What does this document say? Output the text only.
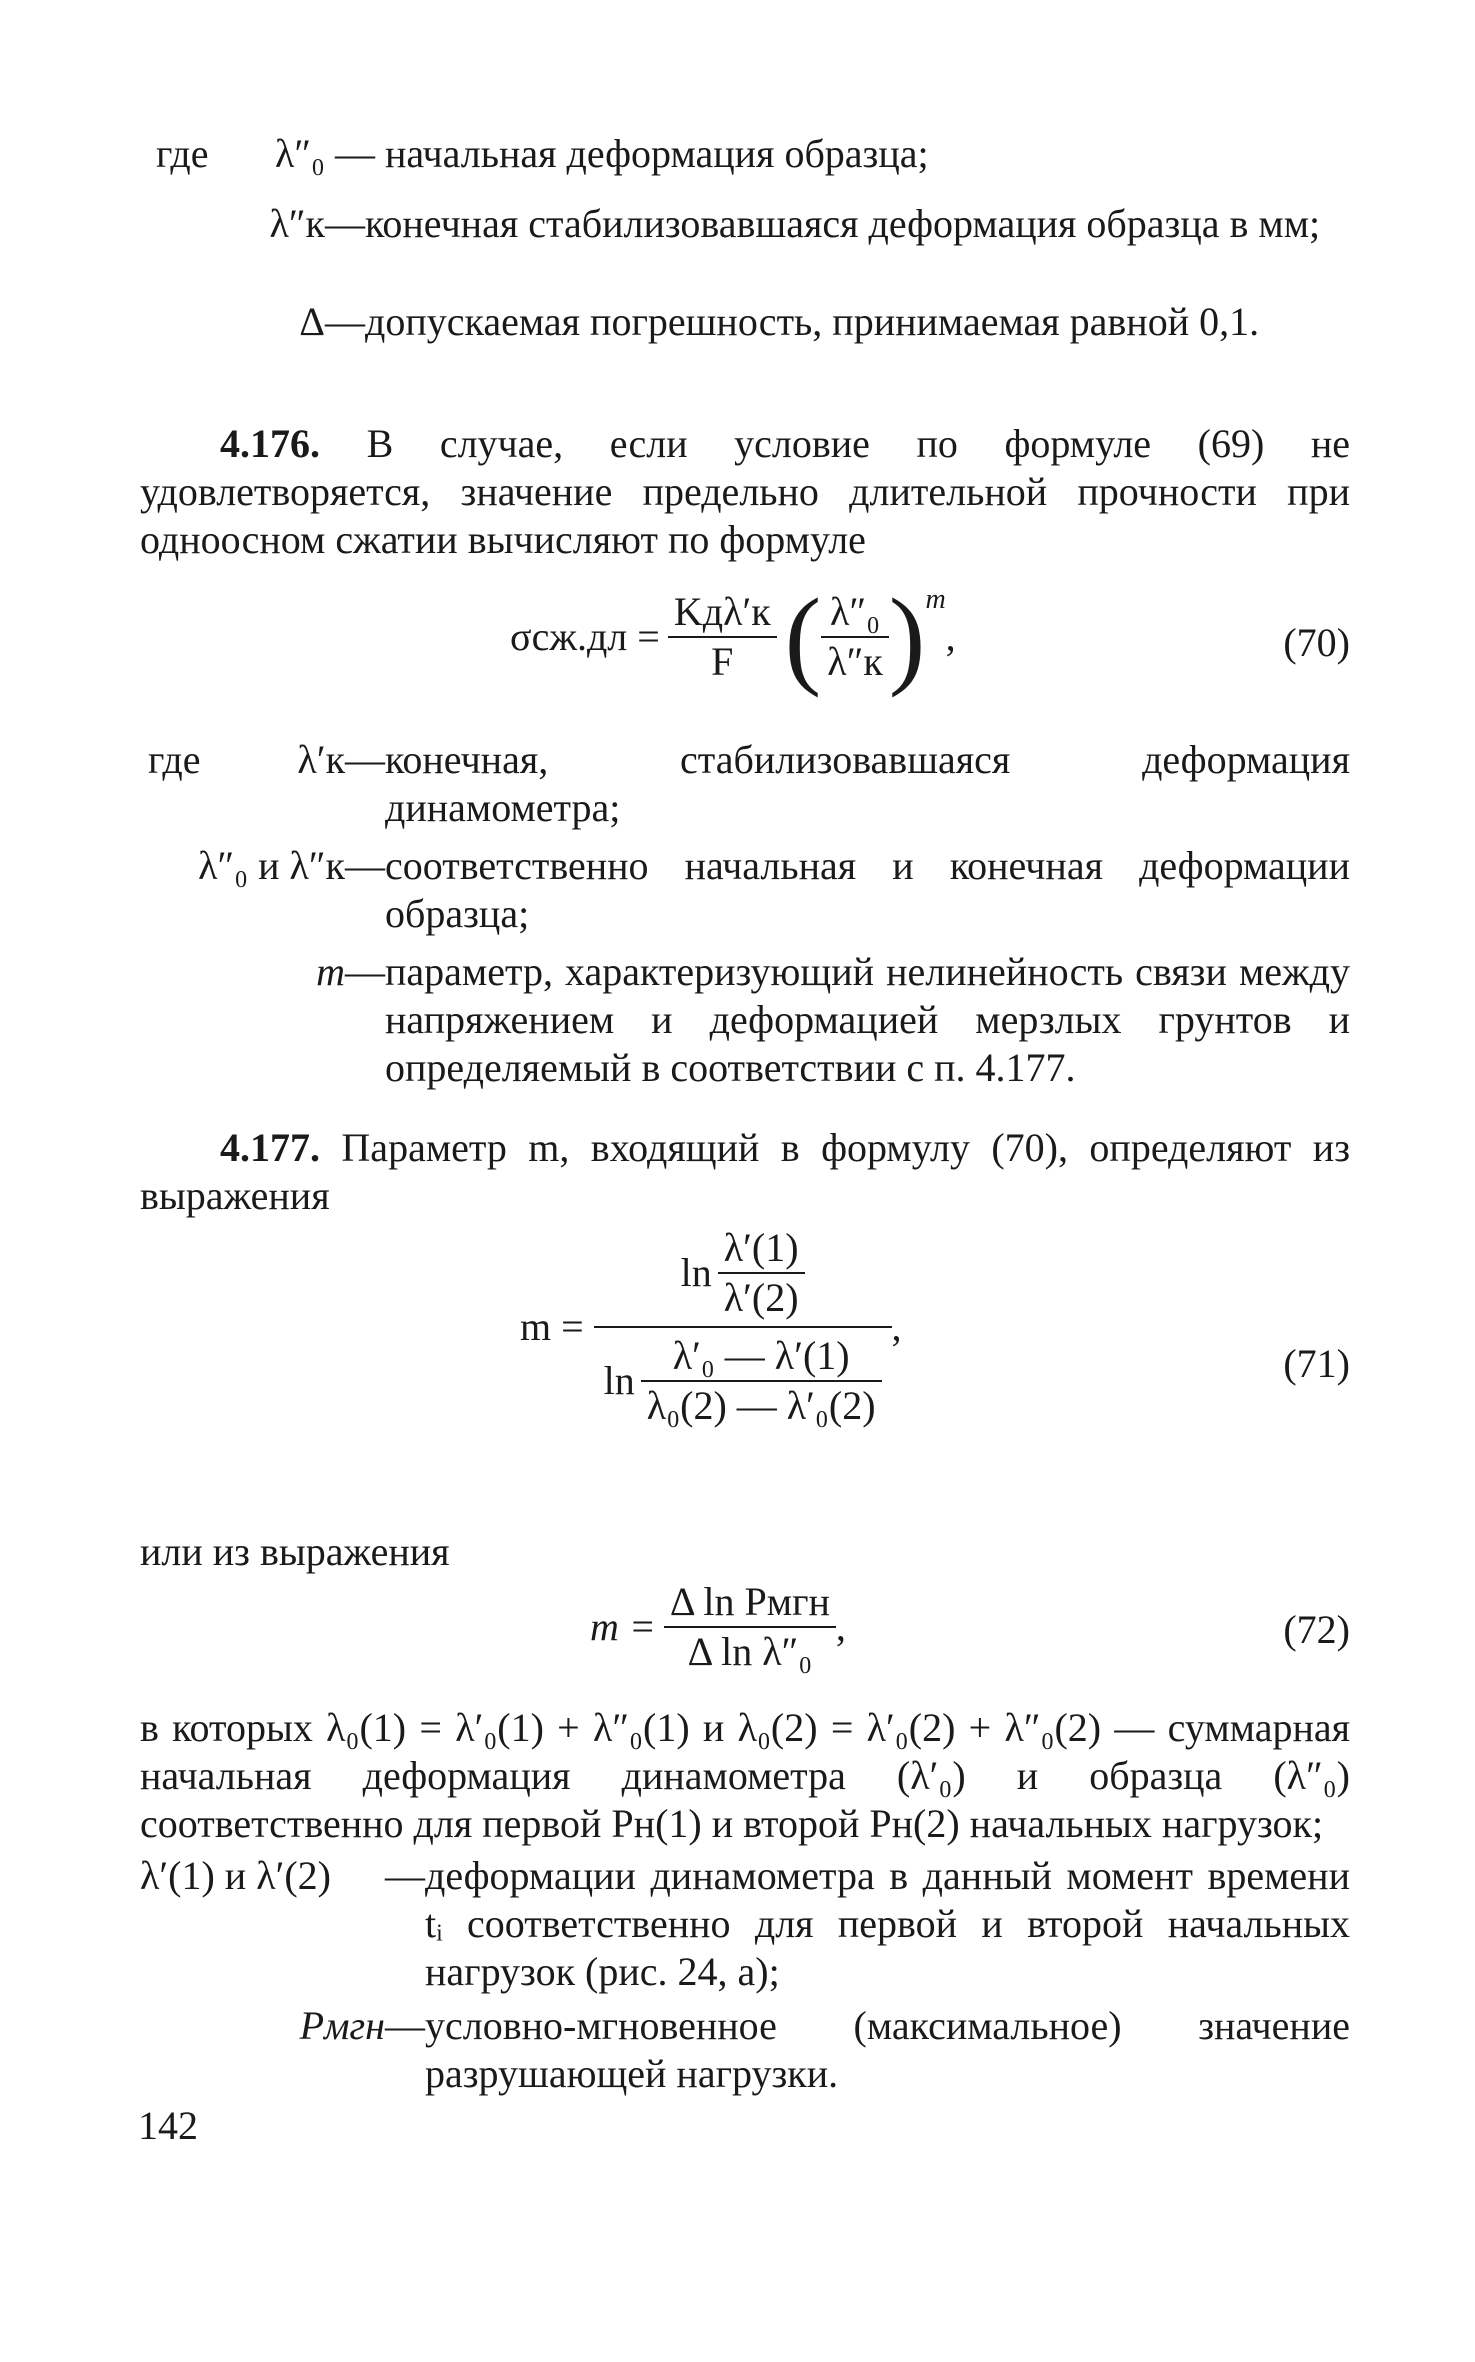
где	λ″₀ — начальная деформация образца;
λ″к — конечная стабилизовавшаяся деформация образца в мм;
Δ — допускаемая погрешность, принимаемая равной 0,1.

4.176. В случае, если условие по формуле (69) не удовлетворяется, значение предельно длительной прочности при одноосном сжатии вычисляют по формуле

$\sigma сж.дл = \frac{\text{Kдλ′к}}{F}$ ( $\frac{\text{λ″₀}}{\lambda''к}$ ) m
,	(70)
где	λ′к — конечная, стабилизовавшаяся деформация динамометра;
λ″₀ и λ″к — соответственно начальная и конечная деформации образца;
m — параметр, характеризующий нелинейность связи между напряжением и деформацией мерзлых грунтов и определяемый в соответствии с п. 4.177.

4.177. Параметр m, входящий в формулу (70), определяют из выражения

m =
$\ln \frac{\lambda'(1)}{\lambda'(2)}$
$\ln \frac{\text{λ′₀ — λ′(1)}}{\text{λ₀(2) — λ′₀(2)}}$
,
(71)
или из выражения
$m = \frac{\text{Δ ln Pмгн}}{\text{Δ ln λ″₀}}$ ,	(72)

в которых λ₀(1) = λ′₀(1) + λ″₀(1) и λ₀(2) = λ′₀(2) + λ″₀(2) — суммарная начальная деформация динамометра (λ′₀) и образца (λ″₀) соответственно для первой Pн(1) и второй Pн(2) начальных нагрузок;

λ′(1) и λ′(2)	— деформации динамометра в данный момент времени tᵢ соответственно для первой и второй начальных нагрузок (рис. 24, а);
Pмгн — условно-мгновенное (максимальное) значение разрушающей нагрузки.
142
